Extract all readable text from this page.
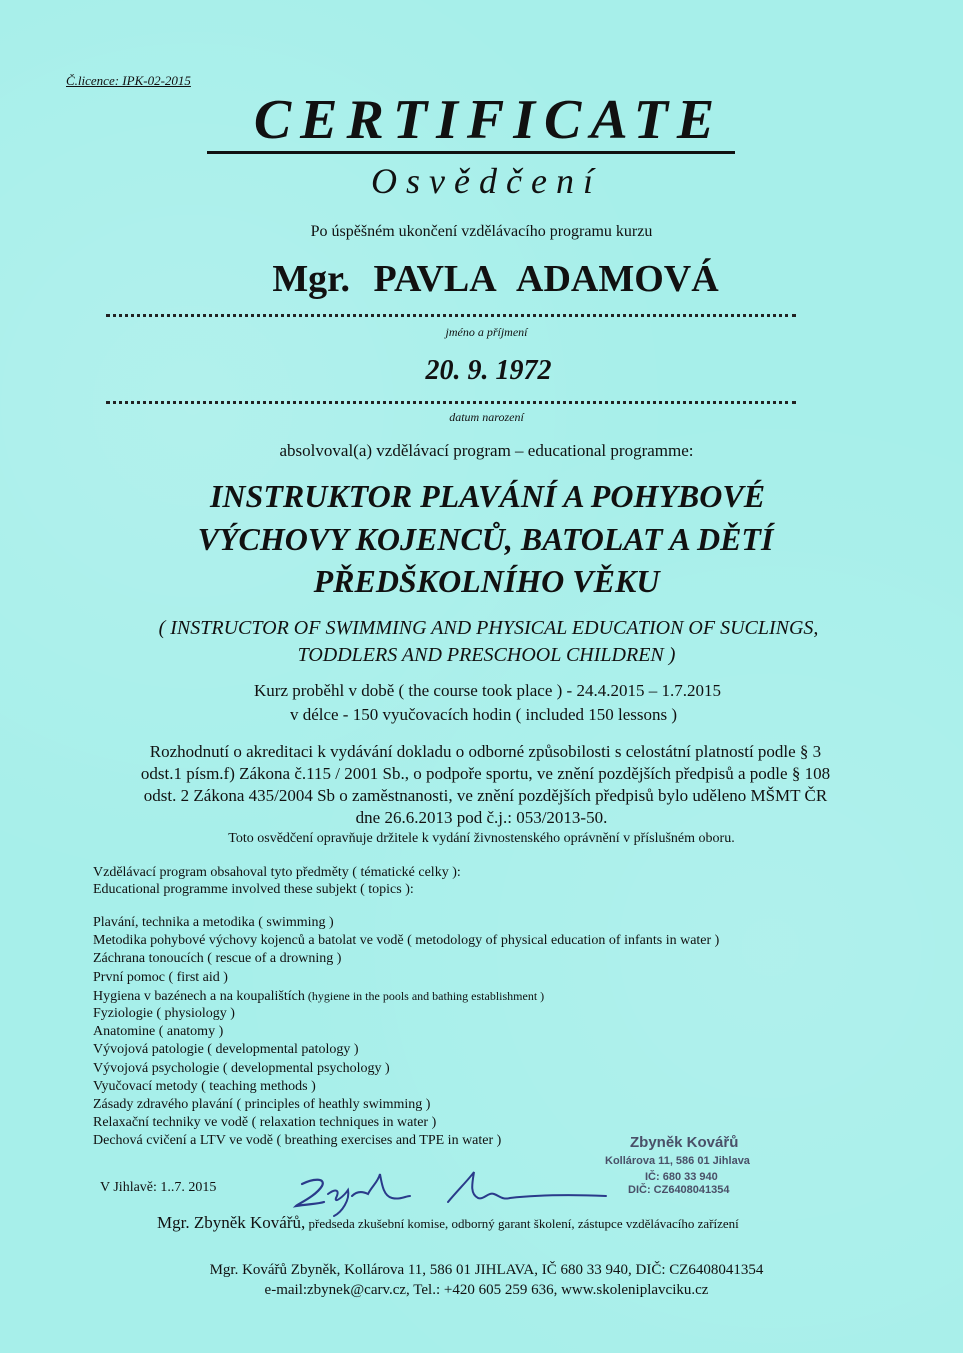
Č.licence: IPK-02-2015
CERTIFICATE
Osvědčení
Po úspěšném ukončení vzdělávacího programu kurzu
Mgr. PAVLA ADAMOVÁ
jméno a příjmení
20. 9. 1972
datum narození
absolvoval(a) vzdělávací program – educational programme:
INSTRUKTOR PLAVÁNÍ A POHYBOVÉ
VÝCHOVY KOJENCŮ, BATOLAT A DĚTÍ
PŘEDŠKOLNÍHO VĚKU
( INSTRUCTOR OF SWIMMING AND PHYSICAL EDUCATION OF SUCLINGS,
TODDLERS AND PRESCHOOL CHILDREN )
Kurz proběhl v době ( the course took place ) - 24.4.2015 – 1.7.2015
v délce - 150 vyučovacích hodin ( included 150 lessons )
Rozhodnutí o akreditaci k vydávání dokladu o odborné způsobilosti s celostátní platností podle § 3
odst.1 písm.f) Zákona č.115 / 2001 Sb., o podpoře sportu, ve znění pozdějších předpisů a podle § 108
odst. 2 Zákona 435/2004 Sb o zaměstnanosti, ve znění pozdějších předpisů bylo uděleno MŠMT ČR
dne 26.6.2013 pod č.j.: 053/2013-50.
Toto osvědčení opravňuje držitele k vydání živnostenského oprávnění v příslušném oboru.
Vzdělávací program obsahoval tyto předměty ( tématické celky ):
Educational programme involved these subjekt ( topics ):
Plavání, technika a metodika ( swimming )
Metodika pohybové výchovy kojenců a batolat ve vodě ( metodology of physical education of infants in water )
Záchrana tonoucích ( rescue of a drowning )
První pomoc ( first aid )
Hygiena v bazénech a na koupalištích (hygiene in the pools and bathing establishment )
Fyziologie ( physiology )
Anatomine ( anatomy )
Vývojová patologie ( developmental patology )
Vývojová psychologie ( developmental psychology )
Vyučovací metody ( teaching methods )
Zásady zdravého plavání ( principles of heathly swimming )
Relaxační techniky ve vodě ( relaxation techniques in water )
Dechová cvičení a LTV ve vodě ( breathing exercises and TPE in water )	Zbyněk Kovářů
Kollárova 11, 586 01 Jihlava
IČ: 680 33 940
DIČ: CZ6408041354
V Jihlavě: 1..7. 2015
Mgr. Zbyněk Kovářů, předseda zkušební komise, odborný garant školení, zástupce vzdělávacího zařízení
Mgr. Kovářů Zbyněk, Kollárova 11, 586 01 JIHLAVA, IČ 680 33 940, DIČ: CZ6408041354
e-mail:zbynek@carv.cz, Tel.: +420 605 259 636, www.skoleniplavciku.cz
